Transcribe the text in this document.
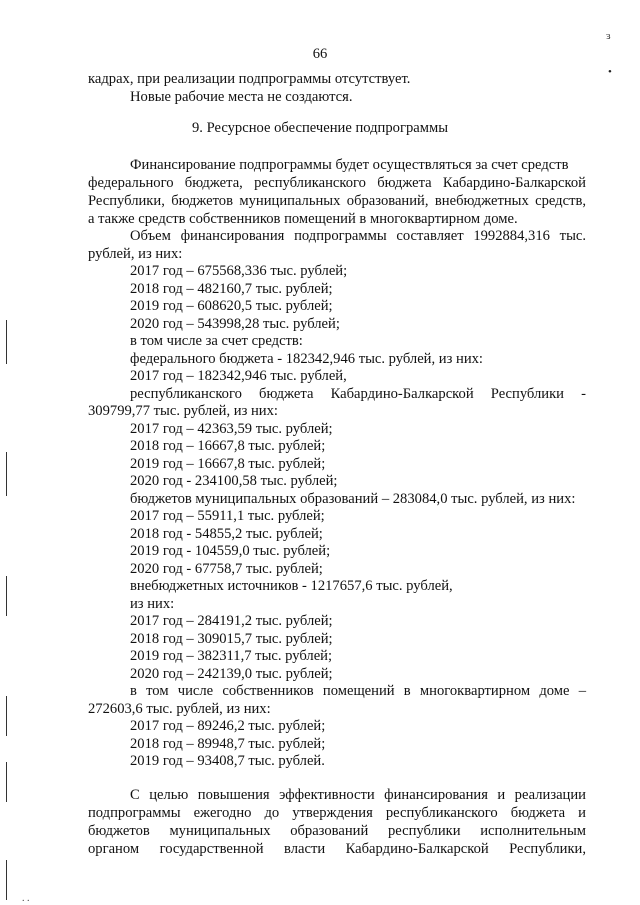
66
ɜ
•
. .
кадрах, при реализации подпрограммы отсутствует.
Новые рабочие места не создаются.
9. Ресурсное обеспечение подпрограммы
Финансирование подпрограммы будет осуществляться за счет средств
федерального бюджета, республиканского бюджета Кабардино-Балкарской
Республики, бюджетов муниципальных образований, внебюджетных средств,
а также средств собственников помещений в многоквартирном доме.
Объем финансирования подпрограммы составляет 1992884,316 тыс.
рублей, из них:
2017 год – 675568,336 тыс. рублей;
2018 год – 482160,7 тыс. рублей;
2019 год – 608620,5 тыс. рублей;
2020 год – 543998,28 тыс. рублей;
в том числе за счет средств:
федерального бюджета - 182342,946 тыс. рублей, из них:
2017 год – 182342,946 тыс. рублей,
республиканского бюджета Кабардино-Балкарской Республики -
309799,77 тыс. рублей, из них:
2017 год – 42363,59 тыс. рублей;
2018 год – 16667,8 тыс. рублей;
2019 год – 16667,8 тыс. рублей;
2020 год - 234100,58 тыс. рублей;
бюджетов муниципальных образований – 283084,0 тыс. рублей, из них:
2017 год – 55911,1 тыс. рублей;
2018 год - 54855,2 тыс. рублей;
2019 год - 104559,0 тыс. рублей;
2020 год - 67758,7 тыс. рублей;
внебюджетных источников - 1217657,6 тыс. рублей,
из них:
2017 год – 284191,2 тыс. рублей;
2018 год – 309015,7 тыс. рублей;
2019 год – 382311,7 тыс. рублей;
2020 год – 242139,0 тыс. рублей;
в том числе собственников помещений в многоквартирном доме –
272603,6 тыс. рублей, из них:
2017 год – 89246,2 тыс. рублей;
2018 год – 89948,7 тыс. рублей;
2019 год – 93408,7 тыс. рублей.
С целью повышения эффективности финансирования и реализации
подпрограммы ежегодно до утверждения республиканского бюджета и
бюджетов муниципальных образований республики исполнительным
органом государственной власти Кабардино-Балкарской Республики,
